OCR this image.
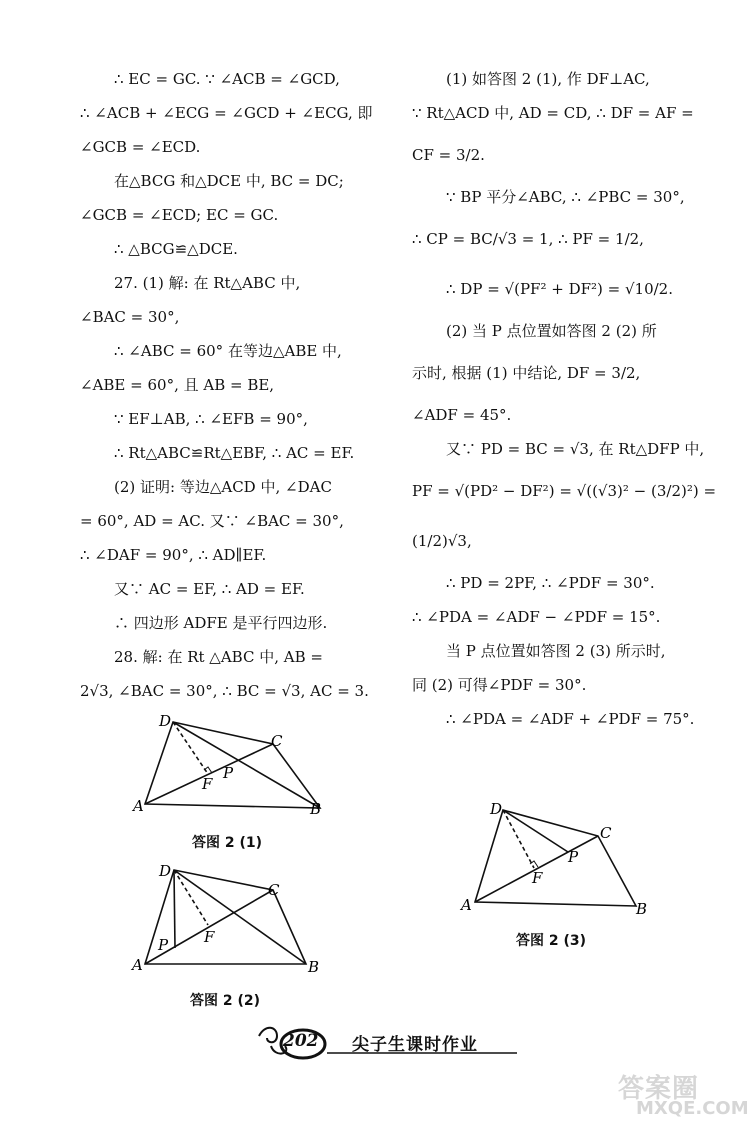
∴ EC = GC. ∵ ∠ACB = ∠GCD,
∴ ∠ACB + ∠ECG = ∠GCD + ∠ECG, 即
∠GCB = ∠ECD.
在△BCG 和△DCE 中, BC = DC;
∠GCB = ∠ECD; EC = GC.
∴ △BCG≌△DCE.
27. (1) 解: 在 Rt△ABC 中,
∠BAC = 30°,
∴ ∠ABC = 60° 在等边△ABE 中,
∠ABE = 60°, 且 AB = BE,
∵ EF⊥AB, ∴ ∠EFB = 90°,
∴ Rt△ABC≌Rt△EBF, ∴ AC = EF.
(2) 证明: 等边△ACD 中, ∠DAC
= 60°, AD = AC. 又∵ ∠BAC = 30°,
∴ ∠DAF = 90°, ∴ AD∥EF.
又∵ AC = EF, ∴ AD = EF.
∴ 四边形 ADFE 是平行四边形.
28. 解: 在 Rt △ABC 中, AB =
2√3, ∠BAC = 30°, ∴ BC = √3, AC = 3.
(1) 如答图 2 (1), 作 DF⊥AC,
∵ Rt△ACD 中, AD = CD, ∴ DF = AF =
CF = 3/2.
∵ BP 平分∠ABC, ∴ ∠PBC = 30°,
∴ CP = BC/√3 = 1, ∴ PF = 1/2,
∴ DP = √(PF² + DF²) = √10/2.
(2) 当 P 点位置如答图 2 (2) 所
示时, 根据 (1) 中结论, DF = 3/2,
∠ADF = 45°.
又∵ PD = BC = √3, 在 Rt△DFP 中,
PF = √(PD² − DF²) = √((√3)² − (3/2)²) =
(1/2)√3,
∴ PD = 2PF, ∴ ∠PDF = 30°.
∴ ∠PDA = ∠ADF − ∠PDF = 15°.
当 P 点位置如答图 2 (3) 所示时,
同 (2) 可得∠PDF = 30°.
∴ ∠PDA = ∠ADF + ∠PDF = 75°.
D
C
A	B
F
P
答图 2 (1)
D
C
A	B
F
P
答图 2 (2)
D
C
A	B
F
P
答图 2 (3)
202 尖子生课时作业
答案圈
MXQE.COM
